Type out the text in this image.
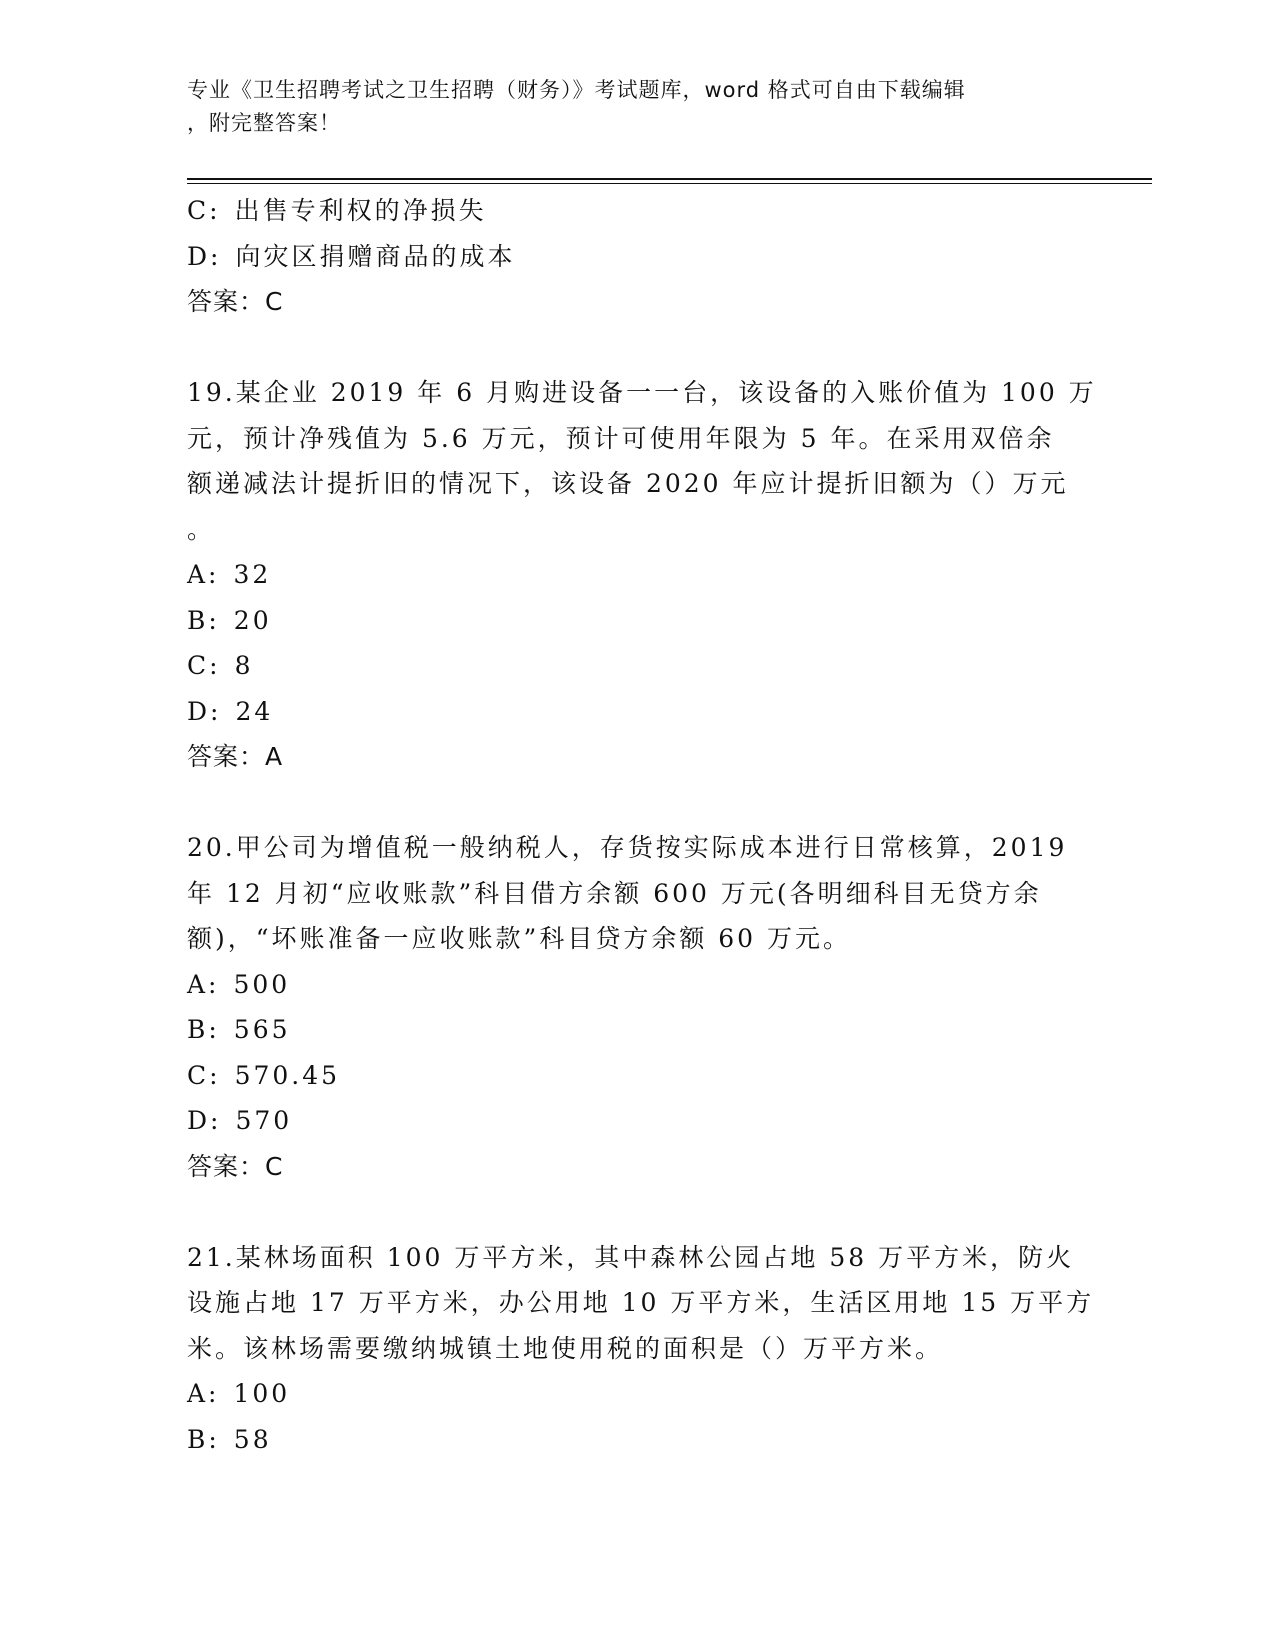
专业《卫生招聘考试之卫生招聘（财务）》考试题库，word 格式可自由下载编辑
，附完整答案！
C: 出售专利权的净损失
D: 向灾区捐赠商品的成本
答案：C
19.某企业 2019 年 6 月购进设备一一台，该设备的入账价值为 100 万
元，预计净残值为 5.6 万元，预计可使用年限为 5 年。在采用双倍余
额递减法计提折旧的情况下，该设备 2020 年应计提折旧额为（）万元
。
A: 32
B: 20
C: 8
D: 24
答案：A
20.甲公司为增值税一般纳税人，存货按实际成本进行日常核算，2019
年 12 月初“应收账款”科目借方余额 600 万元(各明细科目无贷方余
额)，“坏账准备一应收账款”科目贷方余额 60 万元。
A: 500
B: 565
C: 570.45
D: 570
答案：C
21.某林场面积 100 万平方米，其中森林公园占地 58 万平方米，防火
设施占地 17 万平方米，办公用地 10 万平方米，生活区用地 15 万平方
米。该林场需要缴纳城镇土地使用税的面积是（）万平方米。
A: 100
B: 58
